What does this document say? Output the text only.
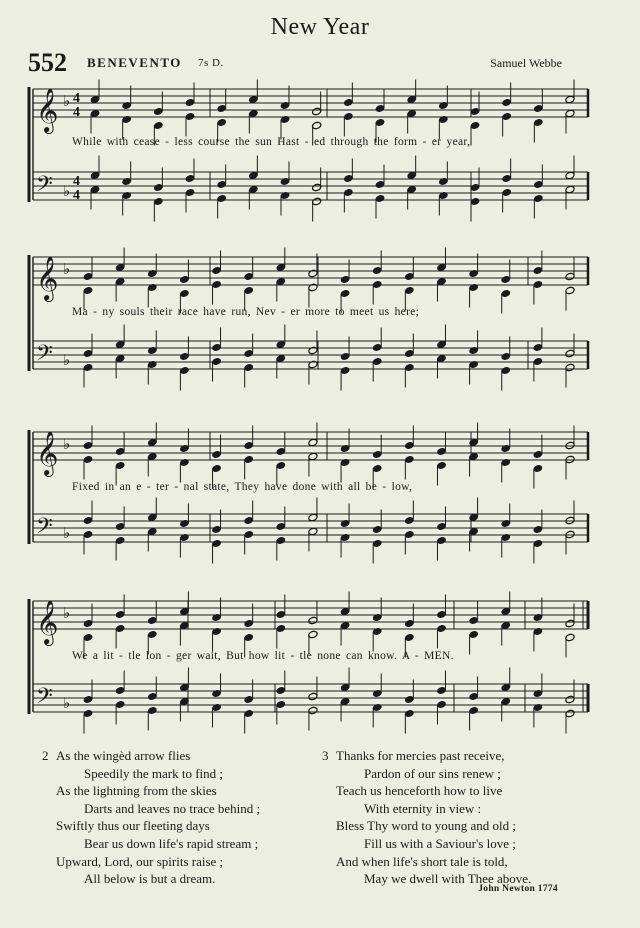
New Year
552 BENEVENTO 7s D.	Samuel Webbe
𝄞 ♭ 4
4
𝄢 ♭
4
4
𝄞 ♭
𝄢 ♭
𝄞 ♭
𝄢 ♭
𝄞 ♭
𝄢 ♭
While with cease - less course the sun Hast - ed through the form - er year,
Ma - ny souls their race have run, Nev - er more to meet us here;
Fixed in an e - ter - nal state, They have done with all be - low,
We a lit - tle lon - ger wait, But how lit - tle none can know. A - MEN.
2 As the wingèd arrow flies
Speedily the mark to find ;
As the lightning from the skies
Darts and leaves no trace behind ;
Swiftly thus our fleeting days
Bear us down life's rapid stream ;
Upward, Lord, our spirits raise ;
All below is but a dream.
3 Thanks for mercies past receive,
Pardon of our sins renew ;
Teach us henceforth how to live
With eternity in view :
Bless Thy word to young and old ;
Fill us with a Saviour's love ;
And when life's short tale is told,
May we dwell with Thee above.
John Newton 1774
